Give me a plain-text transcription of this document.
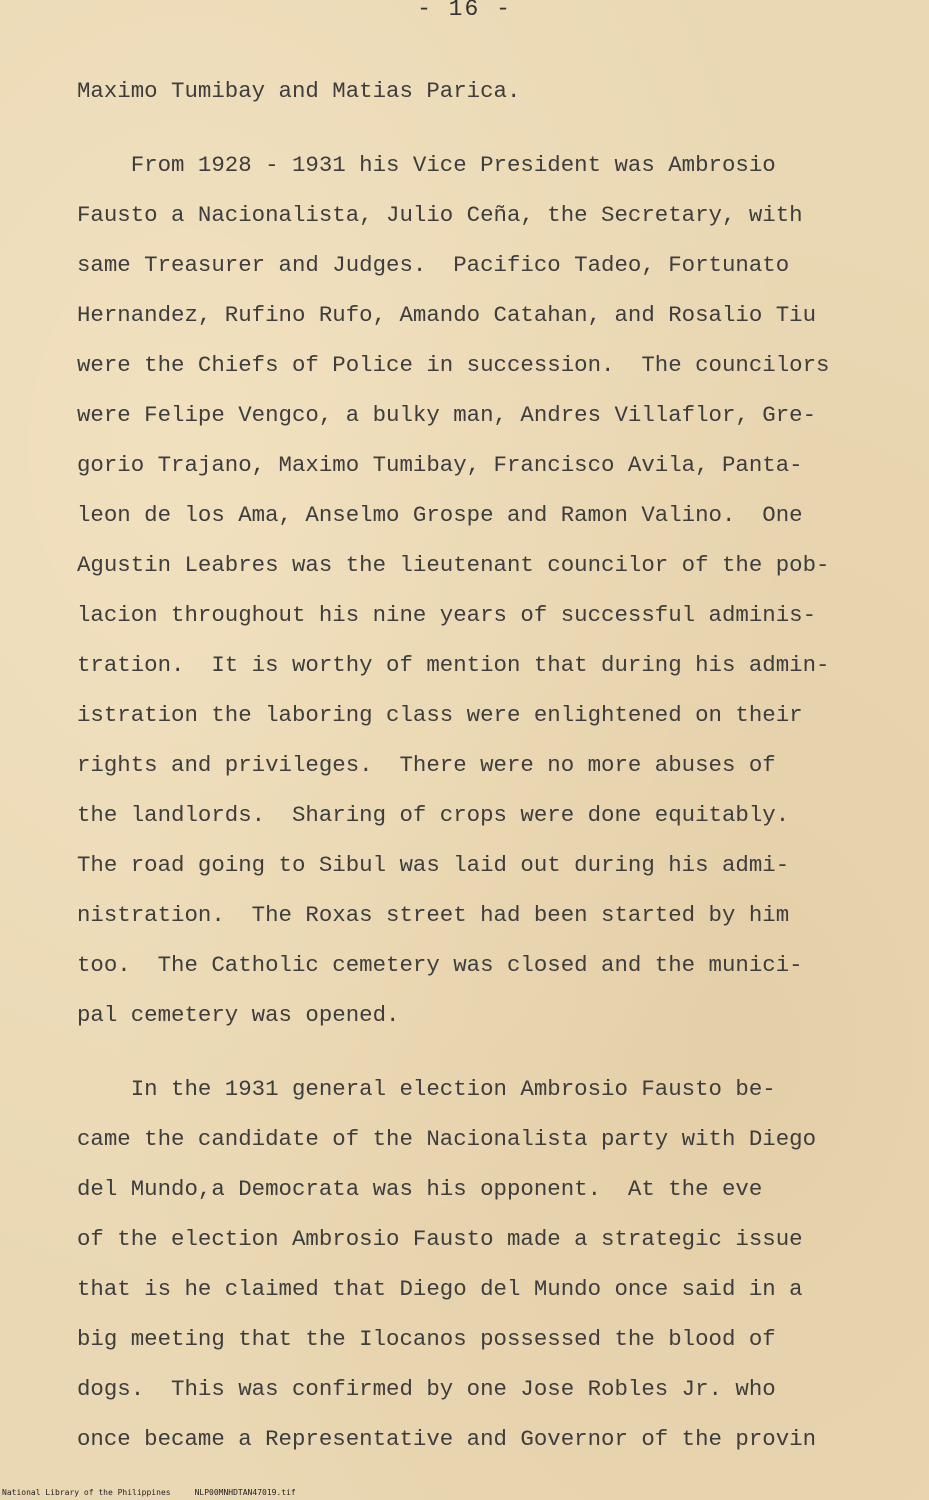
- 16 -
Maximo Tumibay and Matias Parica.
From 1928 - 1931 his Vice President was Ambrosio
Fausto a Nacionalista, Julio Ceña, the Secretary, with
same Treasurer and Judges.  Pacifico Tadeo, Fortunato
Hernandez, Rufino Rufo, Amando Catahan, and Rosalio Tiu
were the Chiefs of Police in succession.  The councilors
were Felipe Vengco, a bulky man, Andres Villaflor, Gre-
gorio Trajano, Maximo Tumibay, Francisco Avila, Panta-
leon de los Ama, Anselmo Grospe and Ramon Valino.  One
Agustin Leabres was the lieutenant councilor of the pob-
lacion throughout his nine years of successful adminis-
tration.  It is worthy of mention that during his admin-
istration the laboring class were enlightened on their
rights and privileges.  There were no more abuses of
the landlords.  Sharing of crops were done equitably.
The road going to Sibul was laid out during his admi-
nistration.  The Roxas street had been started by him
too.  The Catholic cemetery was closed and the munici-
pal cemetery was opened.
In the 1931 general election Ambrosio Fausto be-
came the candidate of the Nacionalista party with Diego
del Mundo,a Democrata was his opponent.  At the eve
of the election Ambrosio Fausto made a strategic issue
that is he claimed that Diego del Mundo once said in a
big meeting that the Ilocanos possessed the blood of
dogs.  This was confirmed by one Jose Robles Jr. who
once became a Representative and Governor of the provin
National Library of the Philippines	NLP00MNHDTAN47019.tif
